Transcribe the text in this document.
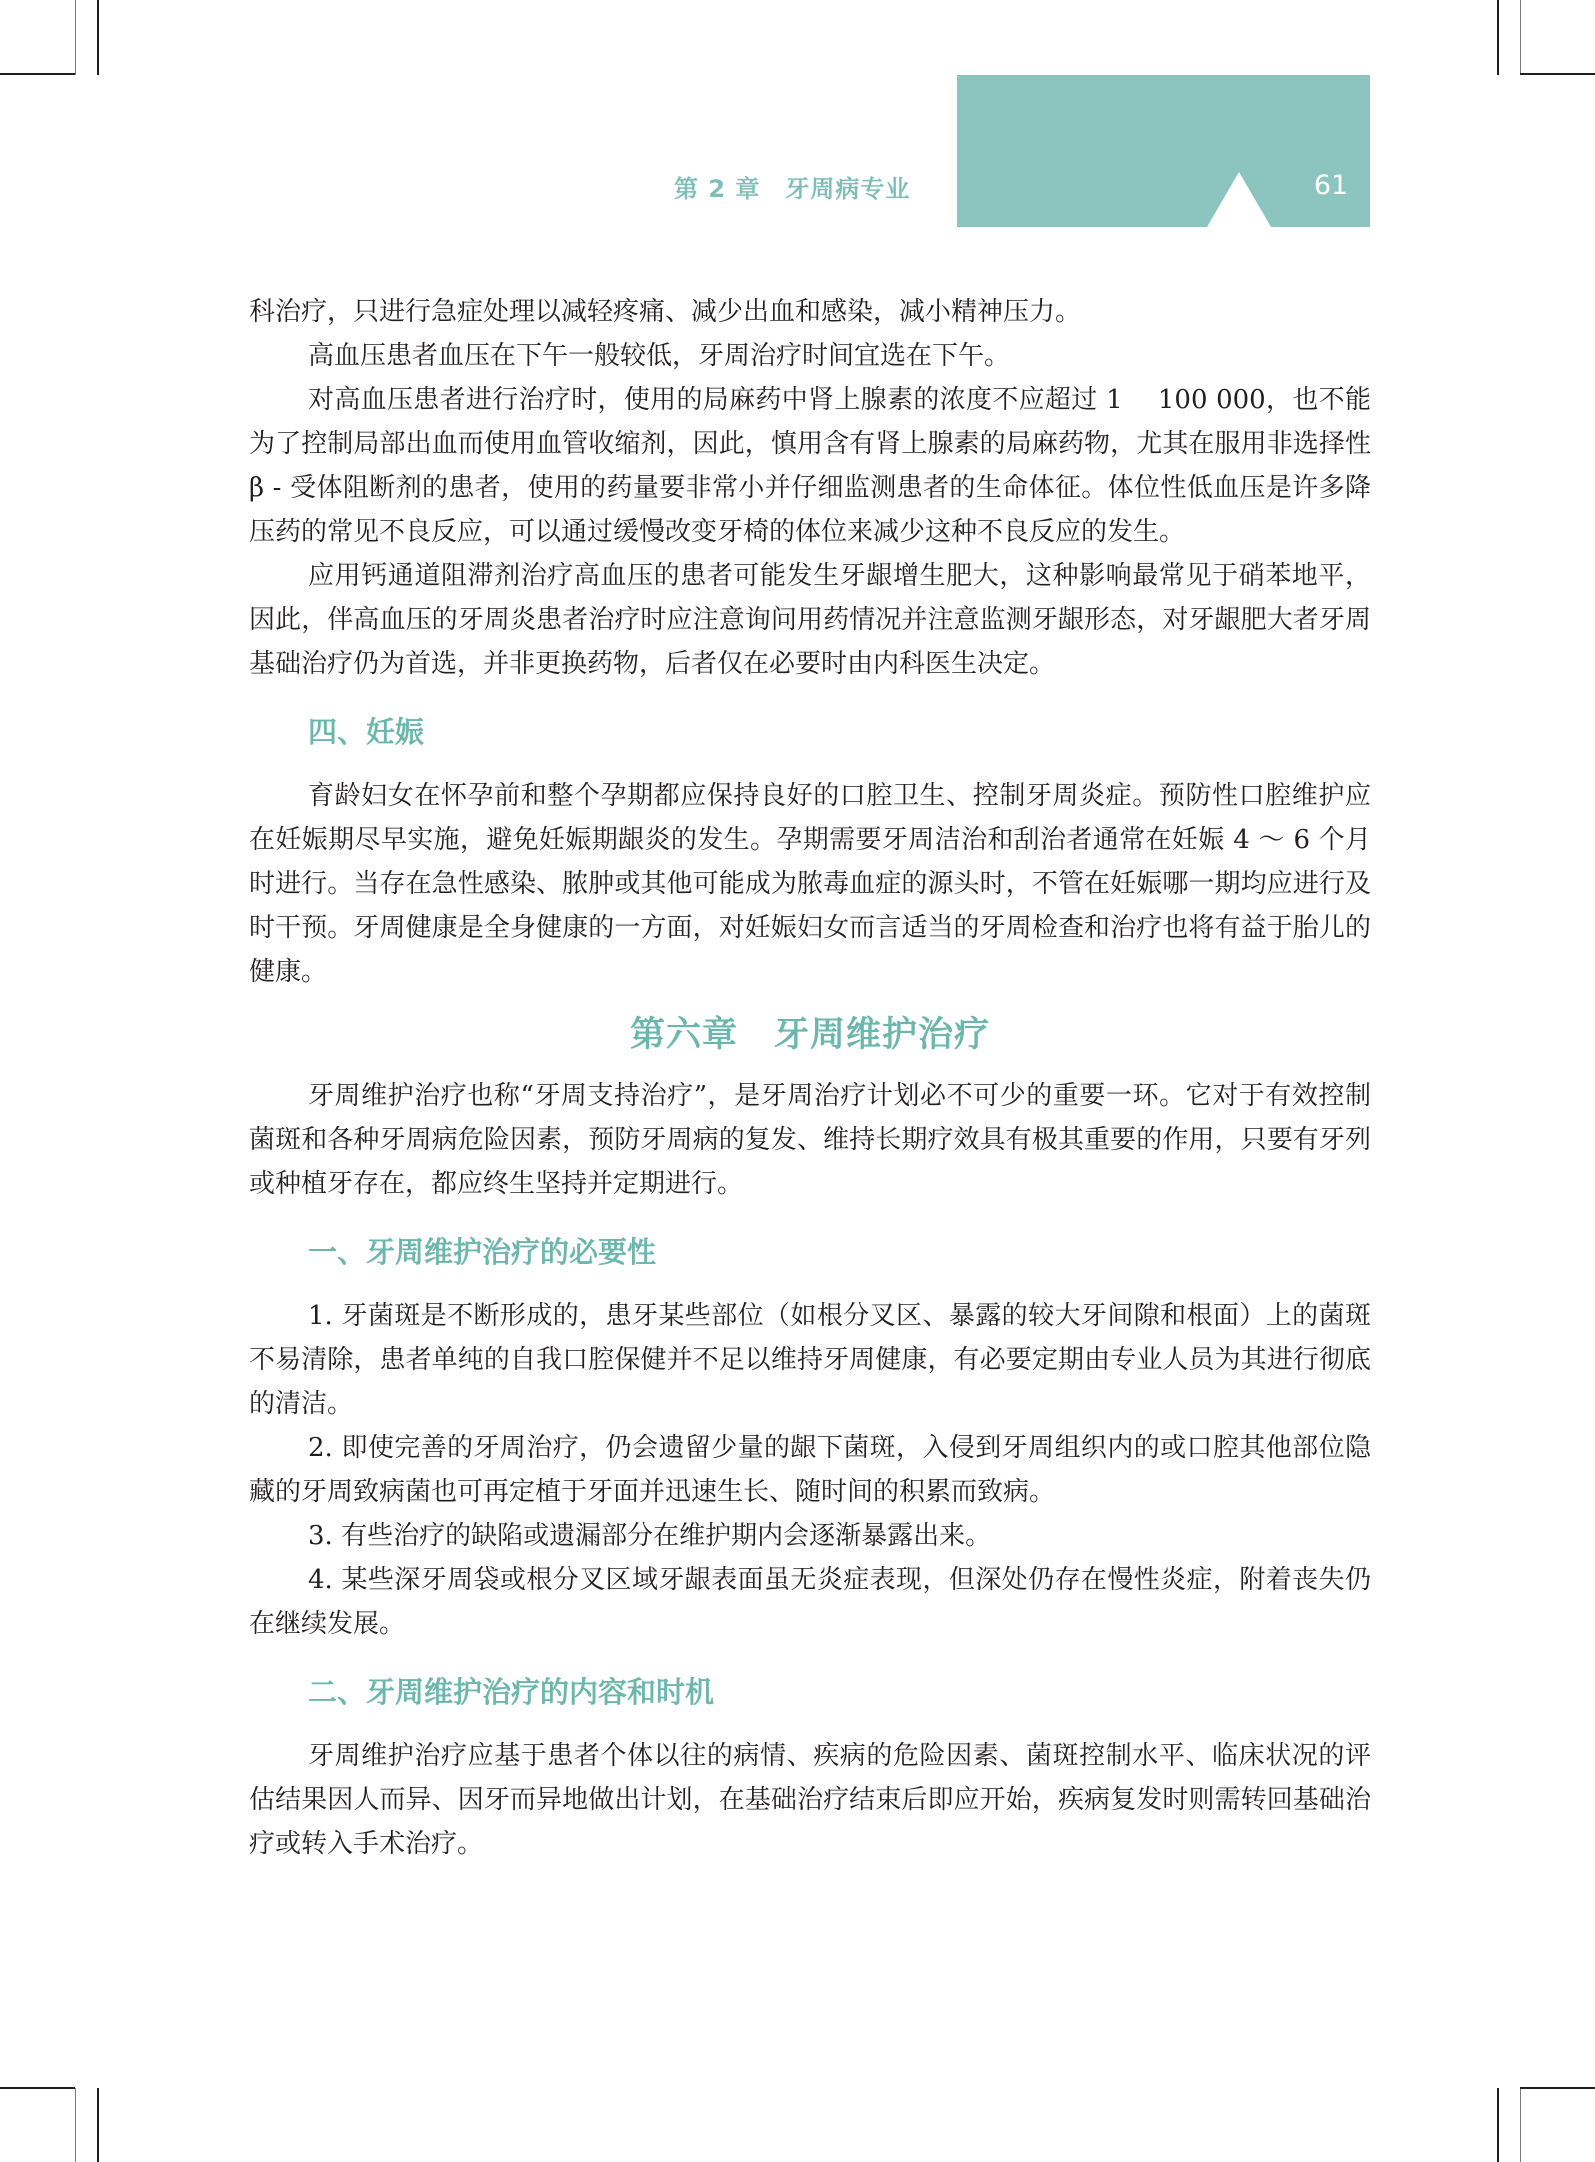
第 2 章　牙周病专业	61

科治疗，只进行急症处理以减轻疼痛、减少出血和感染，减小精神压力。

高血压患者血压在下午一般较低，牙周治疗时间宜选在下午。

对高血压患者进行治疗时，使用的局麻药中肾上腺素的浓度不应超过 1　 100 000，也不能为了控制局部出血而使用血管收缩剂，因此，慎用含有肾上腺素的局麻药物，尤其在服用非选择性 β - 受体阻断剂的患者，使用的药量要非常小并仔细监测患者的生命体征。体位性低血压是许多降压药的常见不良反应，可以通过缓慢改变牙椅的体位来减少这种不良反应的发生。

应用钙通道阻滞剂治疗高血压的患者可能发生牙龈增生肥大，这种影响最常见于硝苯地平，因此，伴高血压的牙周炎患者治疗时应注意询问用药情况并注意监测牙龈形态，对牙龈肥大者牙周基础治疗仍为首选，并非更换药物，后者仅在必要时由内科医生决定。

四、妊娠

育龄妇女在怀孕前和整个孕期都应保持良好的口腔卫生、控制牙周炎症。预防性口腔维护应在妊娠期尽早实施，避免妊娠期龈炎的发生。孕期需要牙周洁治和刮治者通常在妊娠 4 ～ 6 个月时进行。当存在急性感染、脓肿或其他可能成为脓毒血症的源头时，不管在妊娠哪一期均应进行及时干预。牙周健康是全身健康的一方面，对妊娠妇女而言适当的牙周检查和治疗也将有益于胎儿的健康。

第六章　牙周维护治疗

牙周维护治疗也称“牙周支持治疗”，是牙周治疗计划必不可少的重要一环。它对于有效控制菌斑和各种牙周病危险因素，预防牙周病的复发、维持长期疗效具有极其重要的作用，只要有牙列或种植牙存在，都应终生坚持并定期进行。

一、牙周维护治疗的必要性

1. 牙菌斑是不断形成的，患牙某些部位（如根分叉区、暴露的较大牙间隙和根面）上的菌斑不易清除，患者单纯的自我口腔保健并不足以维持牙周健康，有必要定期由专业人员为其进行彻底的清洁。

2. 即使完善的牙周治疗，仍会遗留少量的龈下菌斑，入侵到牙周组织内的或口腔其他部位隐藏的牙周致病菌也可再定植于牙面并迅速生长、随时间的积累而致病。

3. 有些治疗的缺陷或遗漏部分在维护期内会逐渐暴露出来。

4. 某些深牙周袋或根分叉区域牙龈表面虽无炎症表现，但深处仍存在慢性炎症，附着丧失仍在继续发展。

二、牙周维护治疗的内容和时机

牙周维护治疗应基于患者个体以往的病情、疾病的危险因素、菌斑控制水平、临床状况的评估结果因人而异、因牙而异地做出计划，在基础治疗结束后即应开始，疾病复发时则需转回基础治疗或转入手术治疗。
